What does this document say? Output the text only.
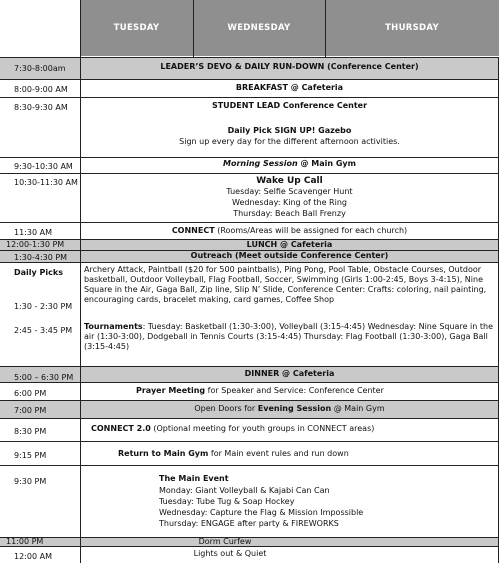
TUESDAY	WEDNESDAY	THURSDAY
7:30-8:00am
8:00-9:00 AM
8:30-9:30 AM
9:30-10:30 AM
10:30-11:30 AM
11:30 AM
12:00-1:30 PM
1:30-4:30 PM
Daily Picks
1:30 - 2:30 PM
2:45 - 3:45 PM
5:00 – 6:30 PM
6:00 PM
7:00 PM
8:30 PM
9:15 PM
9:30 PM
11:00 PM
12:00 AM
LEADER’S DEVO & DAILY RUN-DOWN (Conference Center)
BREAKFAST @ Cafeteria
STUDENT LEAD Conference Center
Daily Pick SIGN UP! Gazebo
Sign up every day for the different afternoon activities.
Morning Session @ Main Gym
Wake Up Call
Tuesday: Selfie Scavenger Hunt
Wednesday: King of the Ring
Thursday: Beach Ball Frenzy
CONNECT (Rooms/Areas will be assigned for each church)
LUNCH @ Cafeteria
Outreach (Meet outside Conference Center)
Archery Attack, Paintball ($20 for 500 paintballs), Ping Pong, Pool Table, Obstacle Courses, Outdoor basketball, Outdoor Volleyball, Flag Football, Soccer, Swimming (Girls 1:00-2:45, Boys 3-4:15), Nine Square in the Air, Gaga Ball, Zip line, Slip N’ Slide, Conference Center: Crafts: coloring, nail painting, encouraging cards, bracelet making, card games, Coffee Shop
Tournaments: Tuesday: Basketball (1:30-3:00), Volleyball (3:15-4:45) Wednesday: Nine Square in the air (1:30-3:00), Dodgeball in Tennis Courts (3:15-4:45) Thursday: Flag Football (1:30-3:00), Gaga Ball (3:15-4:45)
DINNER @ Cafeteria
Prayer Meeting for Speaker and Service: Conference Center
Open Doors for Evening Session @ Main Gym
CONNECT 2.0 (Optional meeting for youth groups in CONNECT areas)
Return to Main Gym for Main event rules and run down
The Main Event
Monday: Giant Volleyball & Kajabi Can Can
Tuesday: Tube Tug & Soap Hockey
Wednesday: Capture the Flag & Mission Impossible
Thursday: ENGAGE after party & FIREWORKS
Dorm Curfew
Lights out & Quiet
